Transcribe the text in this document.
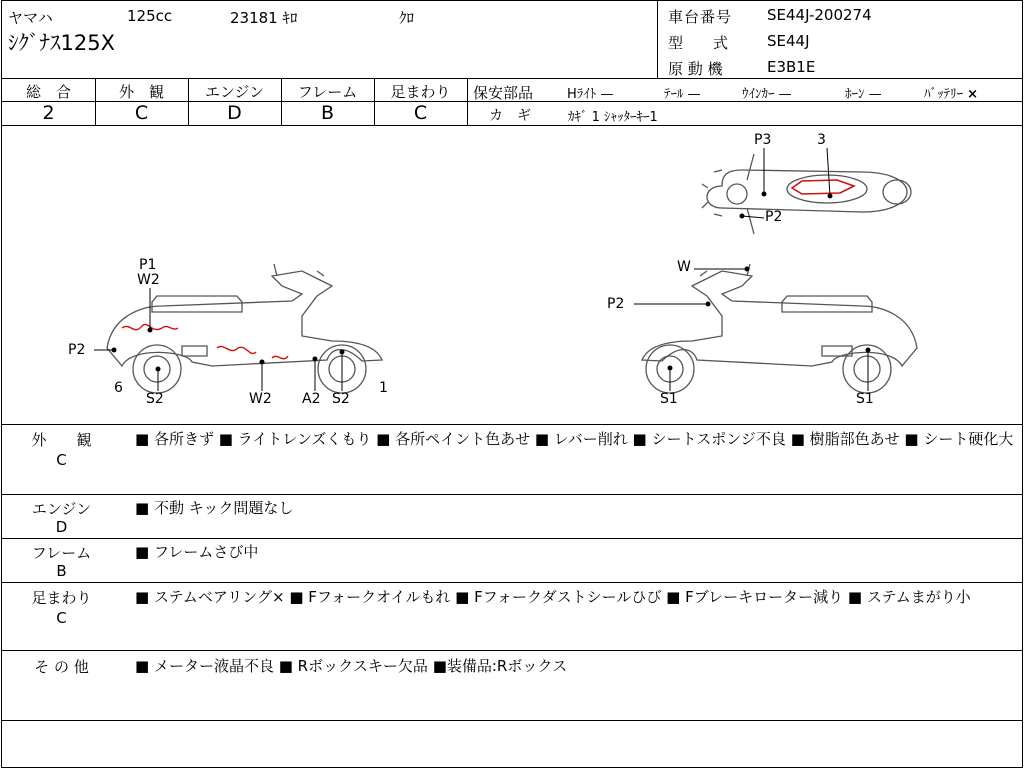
ヤマハ	125cc	23181 ｷﾛ	ｸﾛ
ｼｸﾞﾅｽ125X
車台番号 SE44J-200274
型　　式	SE44J
原 動 機	E3B1E
総　合	外　観	エンジン	フレーム	足まわり
2	C	D	B	C
保安部品	Hﾗｲﾄ —	ﾃｰﾙ —	ｳｲﾝｶｰ —	ﾎｰﾝ —	ﾊﾞｯﾃﾘｰ ×
カ　ギ	ｶｷﾞ 1 ｼｬｯﾀｰｷｰ1
P3	3
P2
P1
W2
P2
6
S2	W2 A2 S2
1
W
P2
S1	S1
外　　観
C
■ 各所きず ■ ライトレンズくもり ■ 各所ペイント色あせ ■ レバー削れ ■ シートスポンジ不良 ■ 樹脂部色あせ ■ シート硬化大
エンジン
D
■ 不動 キック問題なし
フレーム
B
■ フレームさび中
足まわり
C
■ ステムベアリング× ■ Fフォークオイルもれ ■ Fフォークダストシールひび ■ Fブレーキローター減り ■ ステムまがり小
そ の 他	■ メーター液晶不良 ■ Rボックスキー欠品 ■装備品:Rボックス
